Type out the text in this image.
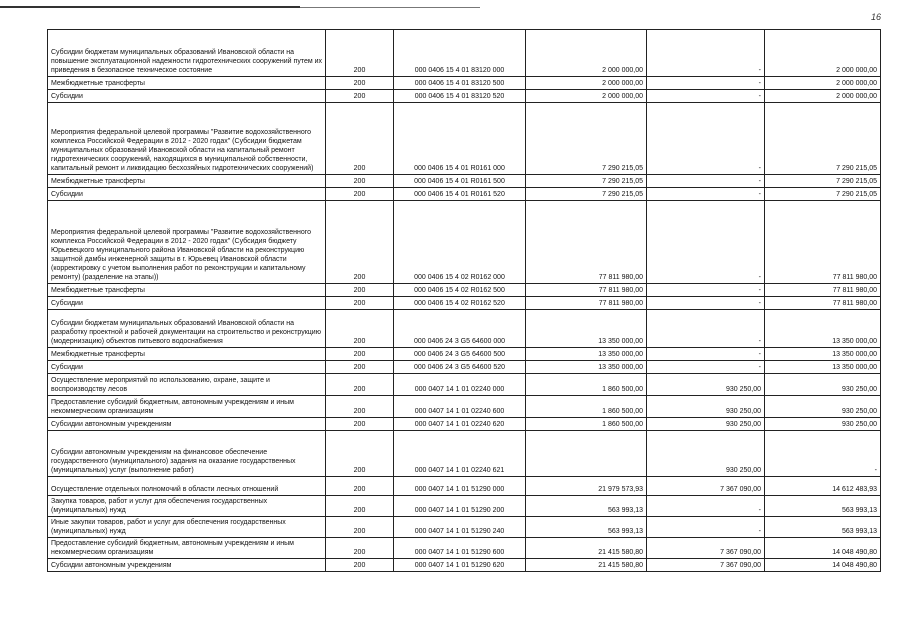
16
Субсидии бюджетам муниципальных образований Ивановской области на повышение эксплуатационной надежности гидротехнических сооружений путем их приведения в безопасное техническое состояние	200	000 0406 15 4 01 83120 000	2 000 000,00	-	2 000 000,00
Межбюджетные трансферты	200	000 0406 15 4 01 83120 500	2 000 000,00	-	2 000 000,00
Субсидии	200	000 0406 15 4 01 83120 520	2 000 000,00	-	2 000 000,00
Мероприятия федеральной целевой программы "Развитие водохозяйственного комплекса Российской Федерации в 2012 - 2020 годах" (Субсидии бюджетам муниципальных образований Ивановской области на капитальный ремонт гидротехнических сооружений, находящихся в муниципальной собственности, капитальный ремонт и ликвидацию бесхозяйных гидротехнических сооружений)	200	000 0406 15 4 01 R0161 000	7 290 215,05	-	7 290 215,05
Межбюджетные трансферты	200	000 0406 15 4 01 R0161 500	7 290 215,05	-	7 290 215,05
Субсидии	200	000 0406 15 4 01 R0161 520	7 290 215,05	-	7 290 215,05
Мероприятия федеральной целевой программы "Развитие водохозяйственного комплекса Российской Федерации в 2012 - 2020 годах" (Субсидия бюджету Юрьевецкого муниципального района Ивановской области на реконструкцию защитной дамбы инженерной защиты в г. Юрьевец Ивановской области (корректировку с учетом выполнения работ по реконструкции и капитальному ремонту) (разделение на этапы))	200	000 0406 15 4 02 R0162 000	77 811 980,00	-	77 811 980,00
Межбюджетные трансферты	200	000 0406 15 4 02 R0162 500	77 811 980,00	-	77 811 980,00
Субсидии	200	000 0406 15 4 02 R0162 520	77 811 980,00	-	77 811 980,00
Субсидии бюджетам муниципальных образований Ивановской области на разработку проектной и рабочей документации на строительство и реконструкцию (модернизацию) объектов питьевого водоснабжения	200	000 0406 24 3 G5 64600 000	13 350 000,00	-	13 350 000,00
Межбюджетные трансферты	200	000 0406 24 3 G5 64600 500	13 350 000,00	-	13 350 000,00
Субсидии	200	000 0406 24 3 G5 64600 520	13 350 000,00	-	13 350 000,00
Осуществление мероприятий по использованию, охране, защите и воспроизводству лесов	200	000 0407 14 1 01 02240 000	1 860 500,00	930 250,00	930 250,00
Предоставление субсидий бюджетным, автономным учреждениям и иным некоммерческим организациям	200	000 0407 14 1 01 02240 600	1 860 500,00	930 250,00	930 250,00
Субсидии автономным учреждениям	200	000 0407 14 1 01 02240 620	1 860 500,00	930 250,00	930 250,00
Субсидии автономным учреждениям на финансовое обеспечение государственного (муниципального) задания на оказание государственных (муниципальных) услуг (выполнение работ)	200	000 0407 14 1 01 02240 621		930 250,00	-
Осуществление отдельных полномочий в области лесных отношений	200	000 0407 14 1 01 51290 000	21 979 573,93	7 367 090,00	14 612 483,93
Закупка товаров, работ и услуг для обеспечения государственных (муниципальных) нужд	200	000 0407 14 1 01 51290 200	563 993,13	-	563 993,13
Иные закупки товаров, работ и услуг для обеспечения государственных (муниципальных) нужд	200	000 0407 14 1 01 51290 240	563 993,13	-	563 993,13
Предоставление субсидий бюджетным, автономным учреждениям и иным некоммерческим организациям	200	000 0407 14 1 01 51290 600	21 415 580,80	7 367 090,00	14 048 490,80
Субсидии автономным учреждениям	200	000 0407 14 1 01 51290 620	21 415 580,80	7 367 090,00	14 048 490,80
